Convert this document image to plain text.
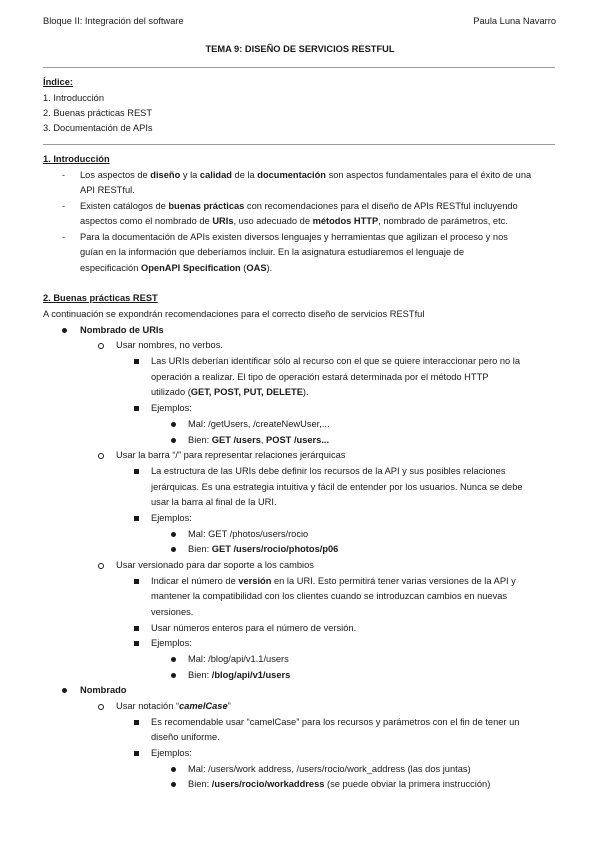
Bloque II: Integración del software	Paula Luna Navarro
TEMA 9: DISEÑO DE SERVICIOS RESTFUL
Índice:
1. Introducción
2. Buenas prácticas REST
3. Documentación de APIs
1. Introducción
- Los aspectos de diseño y la calidad de la documentación son aspectos fundamentales para el éxito de una
API RESTful.
- Existen catálogos de buenas prácticas con recomendaciones para el diseño de APIs RESTful incluyendo
aspectos como el nombrado de URIs, uso adecuado de métodos HTTP, nombrado de parámetros, etc.
- Para la documentación de APIs existen diversos lenguajes y herramientas que agilizan el proceso y nos
guían en la información que deberíamos incluir. En la asignatura estudiaremos el lenguaje de
especificación OpenAPI Specification (OAS).
2. Buenas prácticas REST
A continuación se expondrán recomendaciones para el correcto diseño de servicios RESTful
Nombrado de URIs
Usar nombres, no verbos.
Las URIs deberían identificar sólo al recurso con el que se quiere interaccionar pero no la
operación a realizar. El tipo de operación estará determinada por el método HTTP
utilizado (GET, POST, PUT, DELETE).
Ejemplos:
Mal: /getUsers, /createNewUser,...
Bien: GET /users, POST /users...
Usar la barra “/” para representar relaciones jerárquicas
La estructura de las URIs debe definir los recursos de la API y sus posibles relaciones
jerárquicas. Es una estrategia intuitiva y fácil de entender por los usuarios. Nunca se debe
usar la barra al final de la URI.
Ejemplos:
Mal: GET /photos/users/rocio
Bien: GET /users/rocio/photos/p06
Usar versionado para dar soporte a los cambios
Indicar el número de versión en la URI. Esto permitirá tener varias versiones de la API y
mantener la compatibilidad con los clientes cuando se introduzcan cambios en nuevas
versiones.
Usar números enteros para el número de versión.
Ejemplos:
Mal: /blog/api/v1.1/users
Bien: /blog/api/v1/users
Nombrado
Usar notación “camelCase”
Es recomendable usar “camelCase” para los recursos y parámetros con el fin de tener un
diseño uniforme.
Ejemplos:
Mal: /users/work address, /users/rocio/work_address (las dos juntas)
Bien: /users/rocio/workaddress (se puede obviar la primera instrucción)
